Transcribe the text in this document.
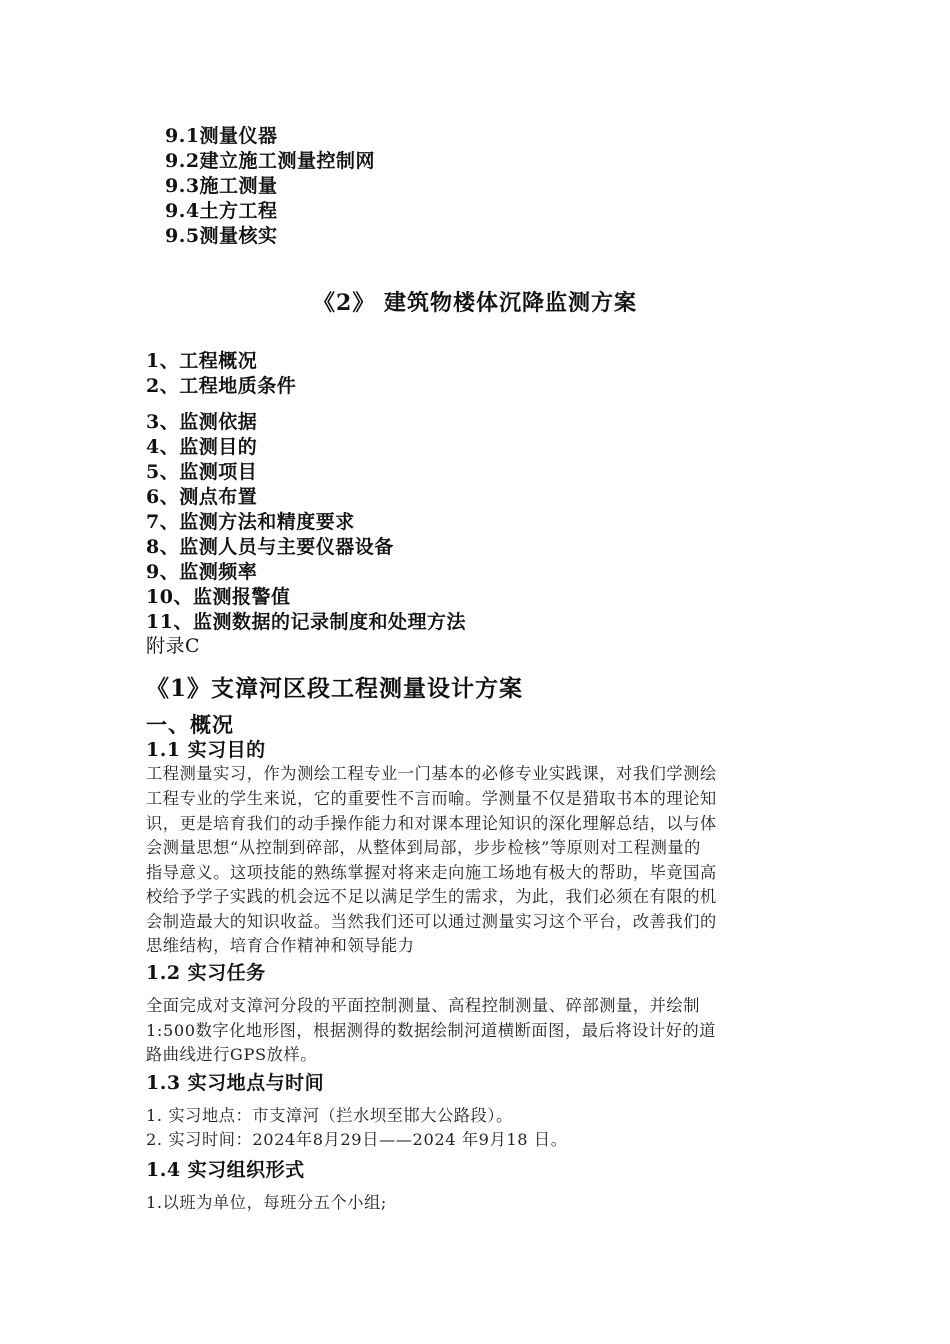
9.1测量仪器
9.2建立施工测量控制网
9.3施工测量
9.4土方工程
9.5测量核实
《2》 建筑物楼体沉降监测方案
1、工程概况
2、工程地质条件
3、监测依据
4、监测目的
5、监测项目
6、测点布置
7、监测方法和精度要求
8、监测人员与主要仪器设备
9、监测频率
10、监测报警值
11、监测数据的记录制度和处理方法
附录C
《1》支漳河区段工程测量设计方案
一、概况
1.1 实习目的
工程测量实习，作为测绘工程专业一门基本的必修专业实践课，对我们学测绘
工程专业的学生来说，它的重要性不言而喻。学测量不仅是猎取书本的理论知
识，更是培育我们的动手操作能力和对课本理论知识的深化理解总结，以与体
会测量思想“从控制到碎部，从整体到局部，步步检核”等原则对工程测量的
指导意义。这项技能的熟练掌握对将来走向施工场地有极大的帮助，毕竟国高
校给予学子实践的机会远不足以满足学生的需求，为此，我们必须在有限的机
会制造最大的知识收益。当然我们还可以通过测量实习这个平台，改善我们的
思维结构，培育合作精神和领导能力
1.2 实习任务
全面完成对支漳河分段的平面控制测量、高程控制测量、碎部测量，并绘制
1:500数字化地形图，根据测得的数据绘制河道横断面图，最后将设计好的道
路曲线进行GPS放样。
1.3 实习地点与时间
1. 实习地点：市支漳河（拦水坝至邯大公路段）。
2. 实习时间：2024年8月29日——2024 年9月18 日。
1.4 实习组织形式
1.以班为单位，每班分五个小组;
